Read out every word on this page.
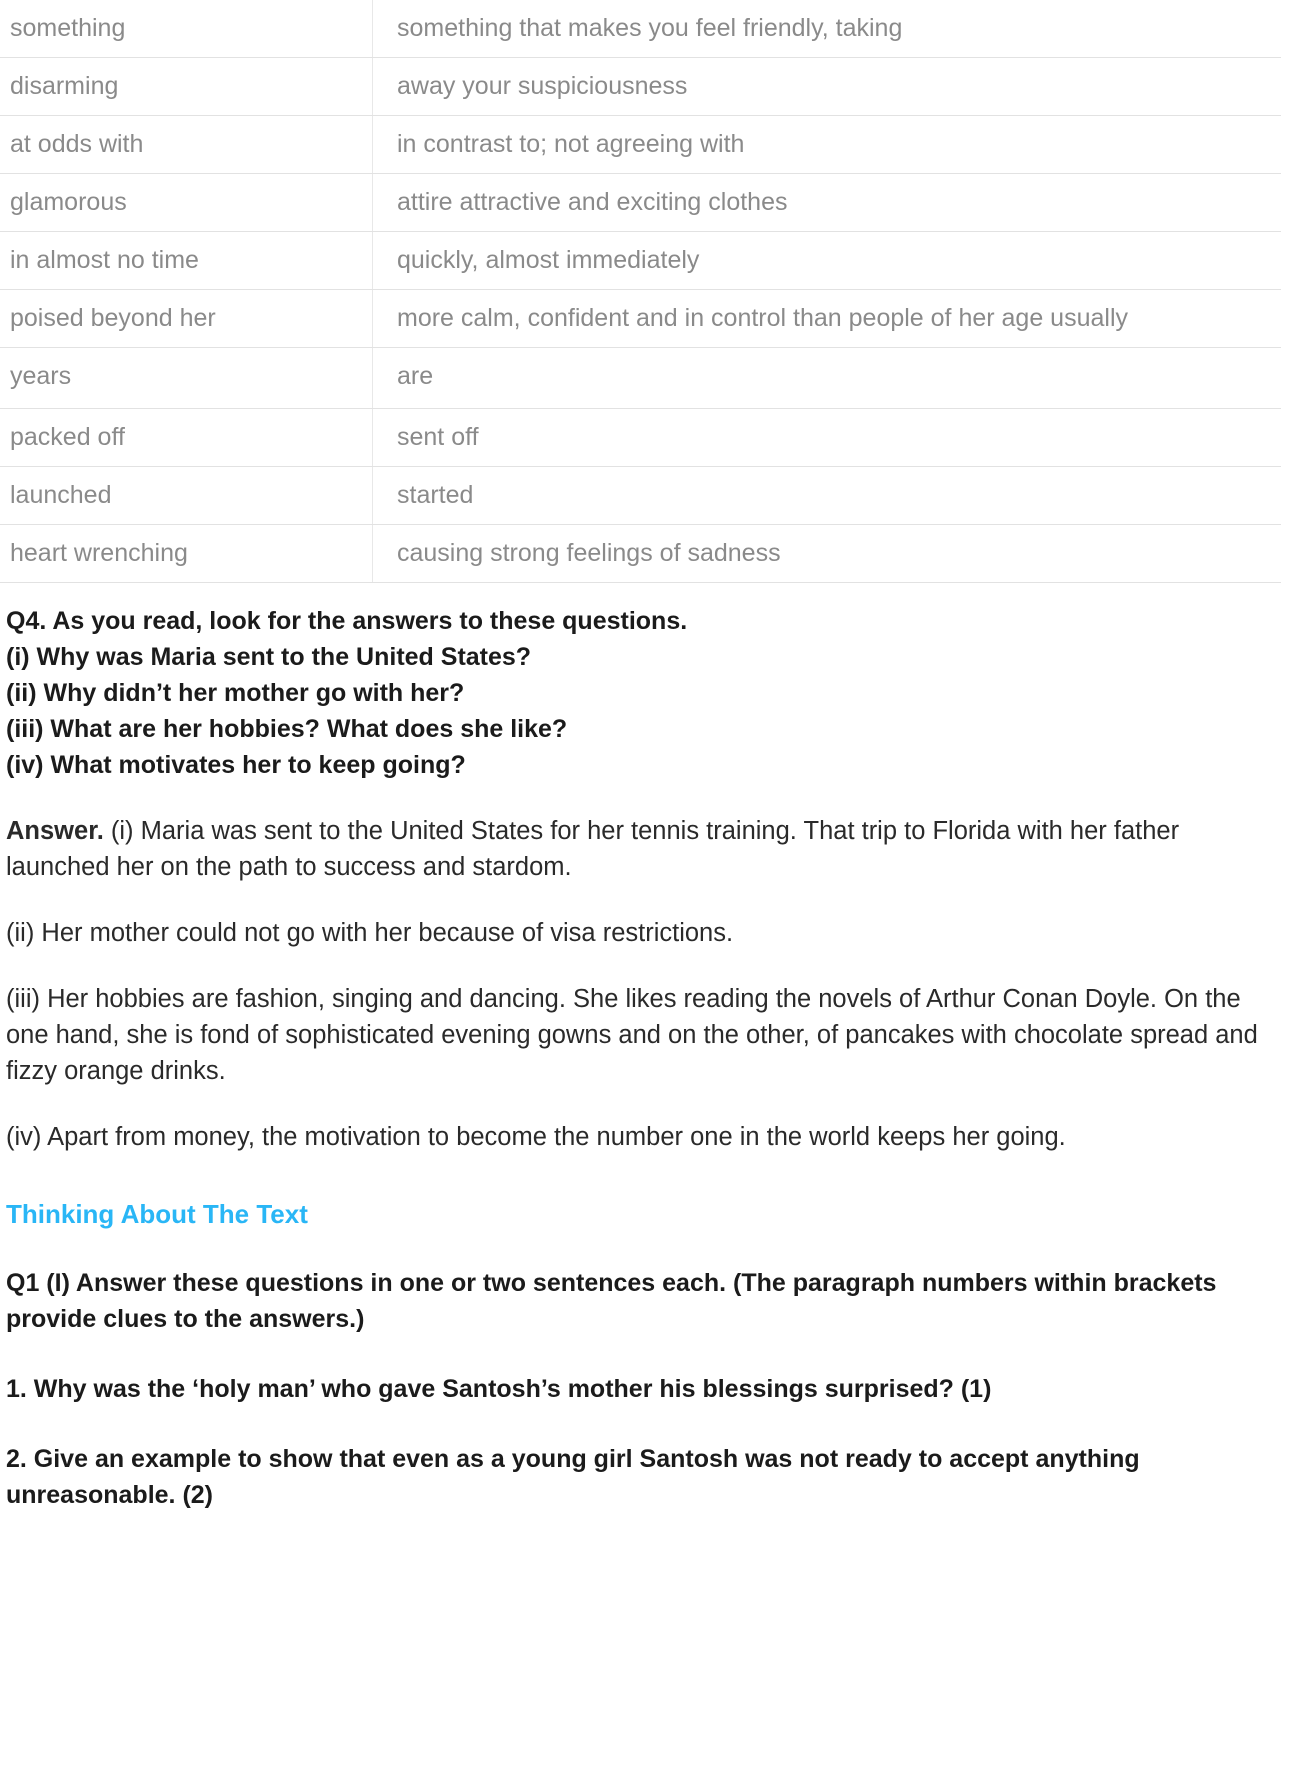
something	something that makes you feel friendly, taking
disarming	away your suspiciousness
at odds with	in contrast to; not agreeing with
glamorous	attire attractive and exciting clothes
in almost no time	quickly, almost immediately
poised beyond her	more calm, confident and in control than people of her age usually
years	are
packed off	sent off
launched	started
heart wrenching	causing strong feelings of sadness
Q4. As you read, look for the answers to these questions.
(i) Why was Maria sent to the United States?
(ii) Why didn’t her mother go with her?
(iii) What are her hobbies? What does she like?
(iv) What motivates her to keep going?
Answer. (i) Maria was sent to the United States for her tennis training. That trip to Florida with her father launched her on the path to success and stardom.
(ii) Her mother could not go with her because of visa restrictions.
(iii) Her hobbies are fashion, singing and dancing. She likes reading the novels of Arthur Conan Doyle. On the one hand, she is fond of sophisticated evening gowns and on the other, of pancakes with chocolate spread and fizzy orange drinks.
(iv) Apart from money, the motivation to become the number one in the world keeps her going.
Thinking About The Text
Q1 (I) Answer these questions in one or two sentences each. (The paragraph numbers within brackets provide clues to the answers.)
1. Why was the ‘holy man’ who gave Santosh’s mother his blessings surprised? (1)
2. Give an example to show that even as a young girl Santosh was not ready to accept anything unreasonable. (2)
